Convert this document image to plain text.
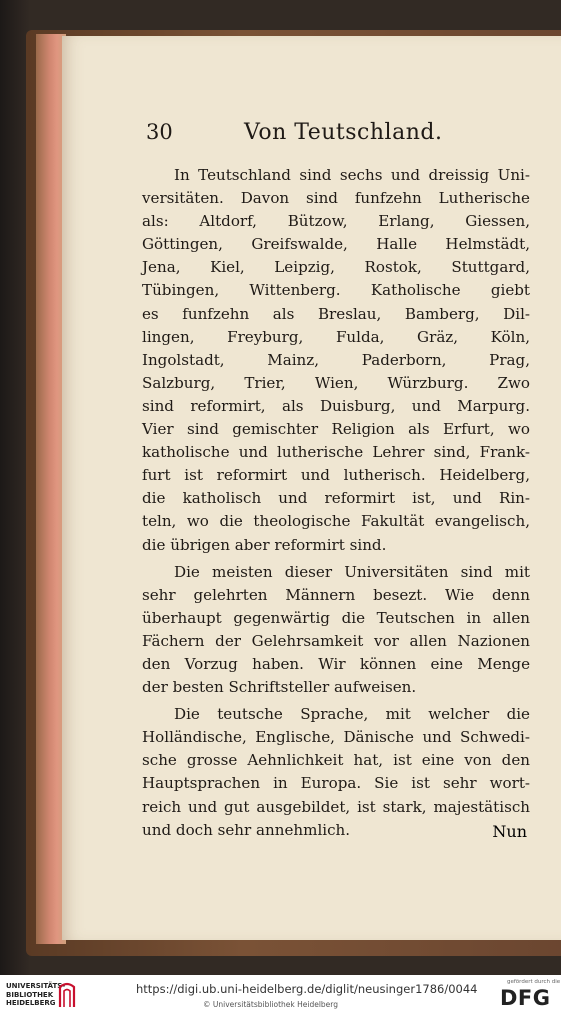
30	Von Teutschland.
In Teutschland sind sechs und dreissig Uni-
versitäten. Davon sind funfzehn Lutherische
als: Altdorf, Bützow, Erlang, Giessen,
Göttingen, Greifswalde, Halle Helmstädt,
Jena, Kiel, Leipzig, Rostok, Stuttgard,
Tübingen, Wittenberg. Katholische giebt
es funfzehn als Breslau, Bamberg, Dil-
lingen, Freyburg, Fulda, Gräz, Köln,
Ingolstadt, Mainz, Paderborn, Prag,
Salzburg, Trier, Wien, Würzburg. Zwo
sind reformirt, als Duisburg, und Marpurg.
Vier sind gemischter Religion als Erfurt, wo
katholische und lutherische Lehrer sind, Frank-
furt ist reformirt und lutherisch. Heidelberg,
die katholisch und reformirt ist, und Rin-
teln, wo die theologische Fakultät evangelisch,
die übrigen aber reformirt sind.
Die meisten dieser Universitäten sind mit
sehr gelehrten Männern besezt. Wie denn
überhaupt gegenwärtig die Teutschen in allen
Fächern der Gelehrsamkeit vor allen Nazionen
den Vorzug haben. Wir können eine Menge
der besten Schriftsteller aufweisen.
Die teutsche Sprache, mit welcher die
Holländische, Englische, Dänische und Schwedi-
sche grosse Aehnlichkeit hat, ist eine von den
Hauptsprachen in Europa. Sie ist sehr wort-
reich und gut ausgebildet, ist stark, majestätisch
und doch sehr annehmlich.	Nun
UNIVERSITÄTS-
BIBLIOTHEK
HEIDELBERG
https://digi.ub.uni-heidelberg.de/diglit/neusinger1786/0044
© Universitätsbibliothek Heidelberg
gefördert durch die
DFG
